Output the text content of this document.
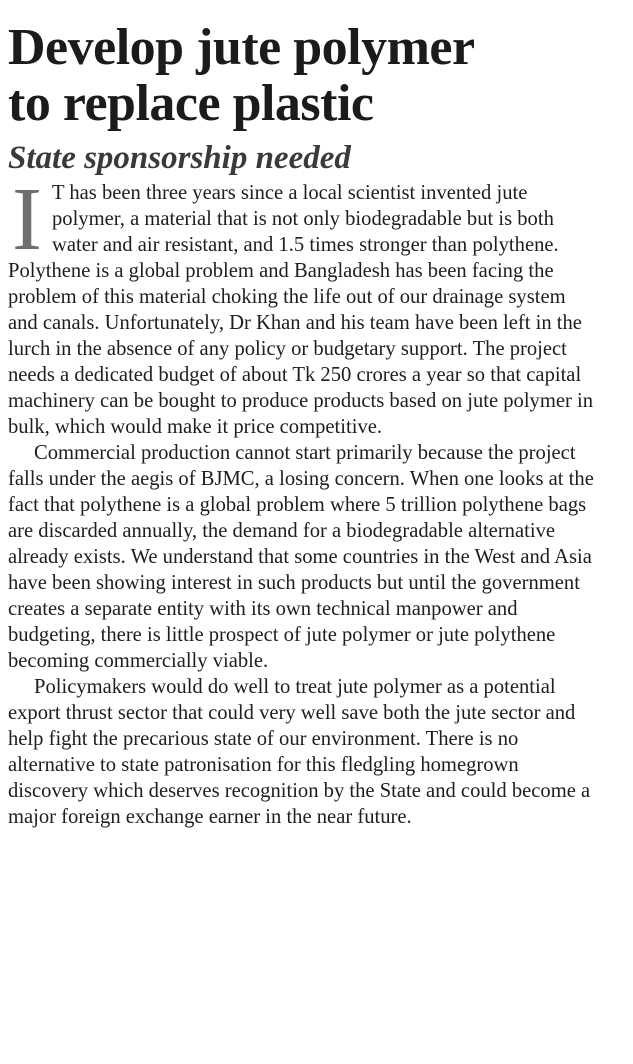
Develop jute polymer
to replace plastic
State sponsorship needed

I T has been three years since a local scientist invented jute polymer, a material that is not only biodegradable but is both water and air resistant, and 1.5 times stronger than polythene. Polythene is a global problem and Bangladesh has been facing the problem of this material choking the life out of our drainage system and canals. Unfortunately, Dr Khan and his team have been left in the lurch in the absence of any policy or budgetary support. The project needs a dedicated budget of about Tk 250 crores a year so that capital machinery can be bought to produce products based on jute polymer in bulk, which would make it price competitive.

Commercial production cannot start primarily because the project falls under the aegis of BJMC, a losing concern. When one looks at the fact that polythene is a global problem where 5 trillion polythene bags are discarded annually, the demand for a biodegradable alternative already exists. We understand that some countries in the West and Asia have been showing interest in such products but until the government creates a separate entity with its own technical manpower and budgeting, there is little prospect of jute polymer or jute polythene becoming commercially viable.

Policymakers would do well to treat jute polymer as a potential export thrust sector that could very well save both the jute sector and help fight the precarious state of our environment. There is no alternative to state patronisation for this fledgling homegrown discovery which deserves recognition by the State and could become a major foreign exchange earner in the near future.
